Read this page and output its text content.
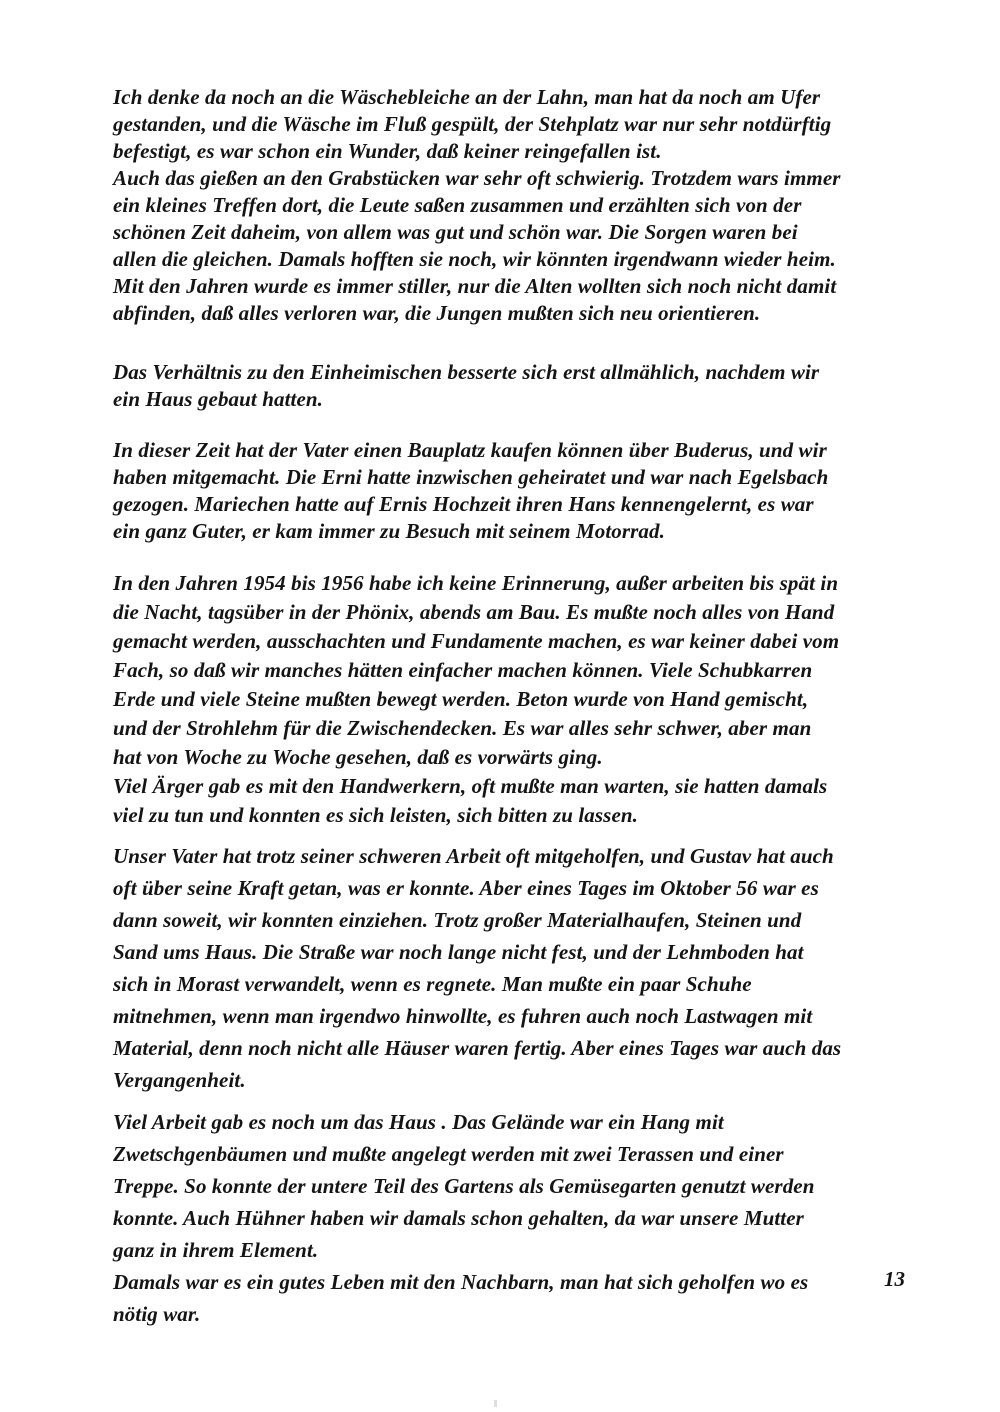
Ich denke da noch an die Wäschebleiche an der Lahn, man hat da noch am Ufer
gestanden, und die Wäsche im Fluß gespült, der Stehplatz war nur sehr notdürftig
befestigt, es war schon ein Wunder, daß keiner reingefallen ist.
Auch das gießen an den Grabstücken war sehr oft schwierig. Trotzdem wars immer
ein kleines Treffen dort, die Leute saßen zusammen und erzählten sich von der
schönen Zeit daheim, von allem was gut und schön war. Die Sorgen waren bei
allen die gleichen. Damals hofften sie noch, wir könnten irgendwann wieder heim.
Mit den Jahren wurde es immer stiller, nur die Alten wollten sich noch nicht damit
abfinden, daß alles verloren war, die Jungen mußten sich neu orientieren.
Das Verhältnis zu den Einheimischen besserte sich erst allmählich, nachdem wir
ein Haus gebaut hatten.
In dieser Zeit hat der Vater einen Bauplatz kaufen können über Buderus, und wir
haben mitgemacht. Die Erni hatte inzwischen geheiratet und war nach Egelsbach
gezogen. Mariechen hatte auf Ernis Hochzeit ihren Hans kennengelernt, es war
ein ganz Guter, er kam immer zu Besuch mit seinem Motorrad.
In den Jahren 1954 bis 1956 habe ich keine Erinnerung, außer arbeiten bis spät in
die Nacht, tagsüber in der Phönix, abends am Bau. Es mußte noch alles von Hand
gemacht werden, ausschachten und Fundamente machen, es war keiner dabei vom
Fach, so daß wir manches hätten einfacher machen können. Viele Schubkarren
Erde und viele Steine mußten bewegt werden. Beton wurde von Hand gemischt,
und der Strohlehm für die Zwischendecken. Es war alles sehr schwer, aber man
hat von Woche zu Woche gesehen, daß es vorwärts ging.
Viel Ärger gab es mit den Handwerkern, oft mußte man warten, sie hatten damals
viel zu tun und konnten es sich leisten, sich bitten zu lassen.
Unser Vater hat trotz seiner schweren Arbeit oft mitgeholfen, und Gustav hat auch
oft über seine Kraft getan, was er konnte. Aber eines Tages im Oktober 56 war es
dann soweit, wir konnten einziehen. Trotz großer Materialhaufen, Steinen und
Sand ums Haus. Die Straße war noch lange nicht fest, und der Lehmboden hat
sich in Morast verwandelt, wenn es regnete. Man mußte ein paar Schuhe
mitnehmen, wenn man irgendwo hinwollte, es fuhren auch noch Lastwagen mit
Material, denn noch nicht alle Häuser waren fertig. Aber eines Tages war auch das
Vergangenheit.
Viel Arbeit gab es noch um das Haus . Das Gelände war ein Hang mit
Zwetschgenbäumen und mußte angelegt werden mit zwei Terassen und einer
Treppe. So konnte der untere Teil des Gartens als Gemüsegarten genutzt werden
konnte. Auch Hühner haben wir damals schon gehalten, da war unsere Mutter
ganz in ihrem Element.
Damals war es ein gutes Leben mit den Nachbarn, man hat sich geholfen wo es
nötig war.
13
